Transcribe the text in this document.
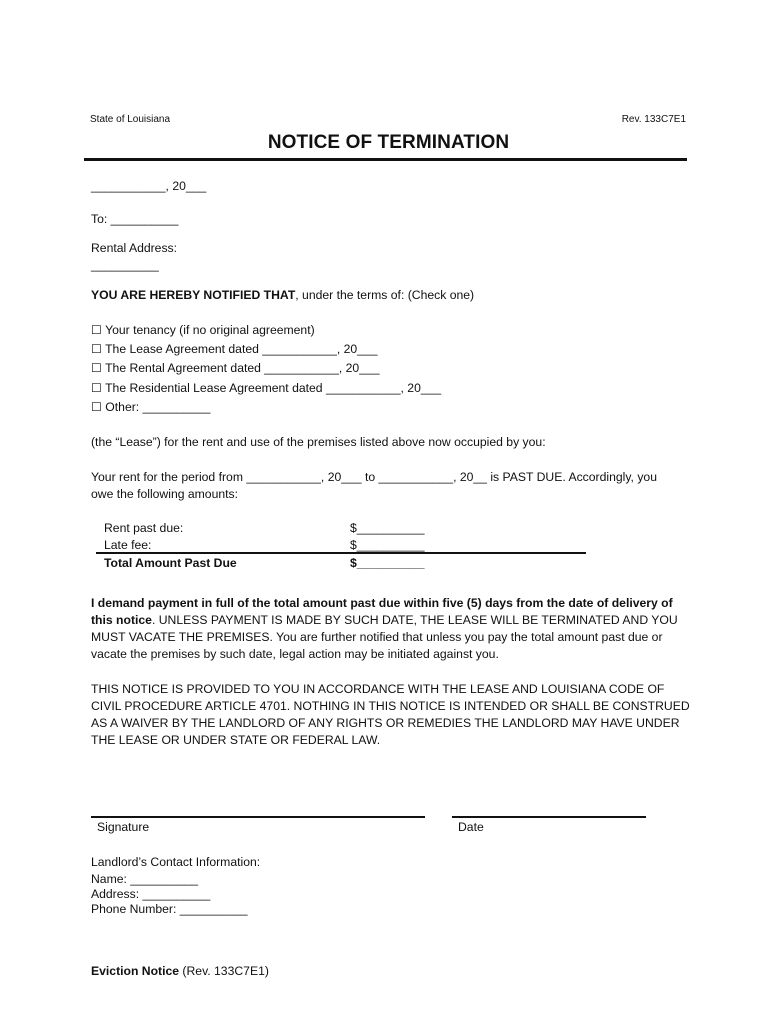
State of Louisiana	Rev. 133C7E1
NOTICE OF TERMINATION
___________, 20___
To: __________
Rental Address:
__________
YOU ARE HEREBY NOTIFIED THAT, under the terms of: (Check one)
☐ Your tenancy (if no original agreement)
☐ The Lease Agreement dated ___________, 20___
☐ The Rental Agreement dated ___________, 20___
☐ The Residential Lease Agreement dated ___________, 20___
☐ Other: __________
(the “Lease”) for the rent and use of the premises listed above now occupied by you:
Your rent for the period from ___________, 20___ to ___________, 20__ is PAST DUE. Accordingly, you
owe the following amounts:
Rent past due:	$__________
Late fee:	$__________
Total Amount Past Due	$__________
I demand payment in full of the total amount past due within five (5) days from the date of delivery of this notice. UNLESS PAYMENT IS MADE BY SUCH DATE, THE LEASE WILL BE TERMINATED AND YOU MUST VACATE THE PREMISES. You are further notified that unless you pay the total amount past due or vacate the premises by such date, legal action may be initiated against you.
THIS NOTICE IS PROVIDED TO YOU IN ACCORDANCE WITH THE LEASE AND LOUISIANA CODE OF CIVIL PROCEDURE ARTICLE 4701. NOTHING IN THIS NOTICE IS INTENDED OR SHALL BE CONSTRUED AS A WAIVER BY THE LANDLORD OF ANY RIGHTS OR REMEDIES THE LANDLORD MAY HAVE UNDER THE LEASE OR UNDER STATE OR FEDERAL LAW.
Signature	Date
Landlord’s Contact Information:
Name: __________
Address: __________
Phone Number: __________
Eviction Notice (Rev. 133C7E1)
